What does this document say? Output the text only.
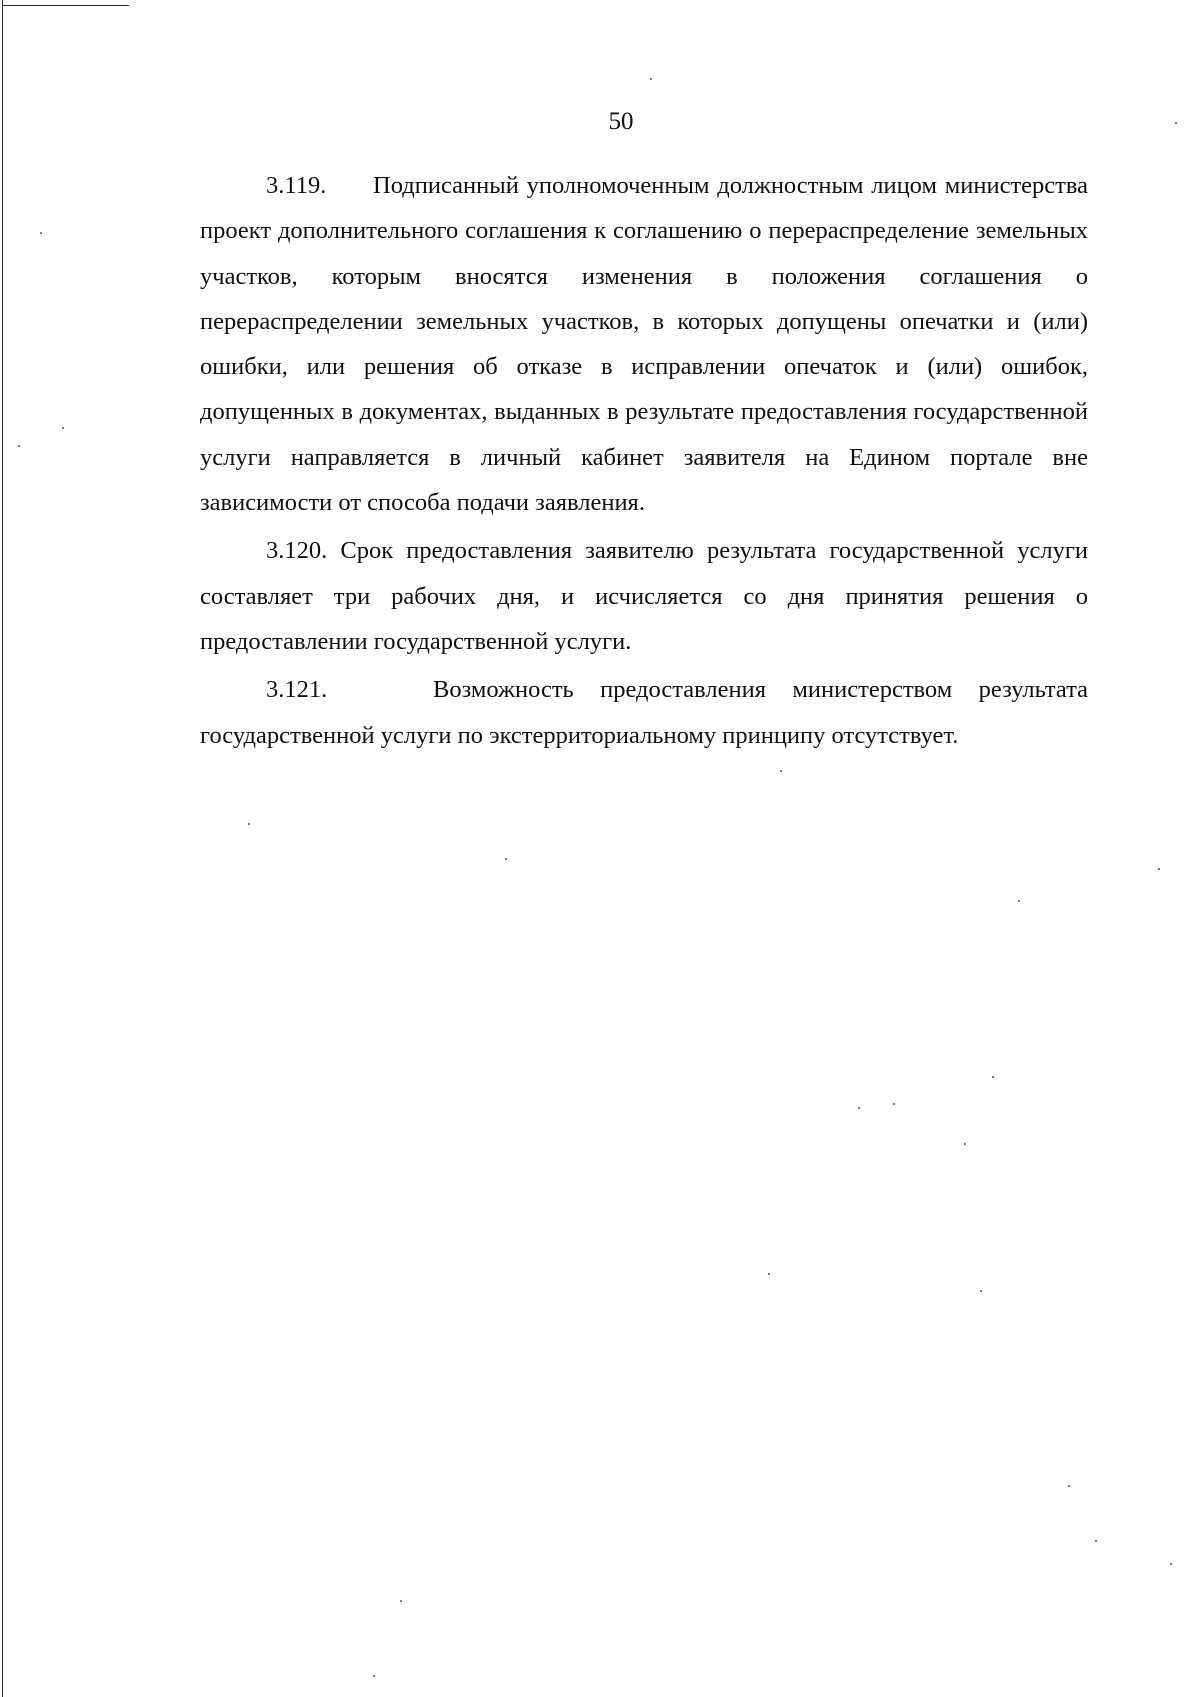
50

3.119. Подписанный уполномоченным должностным лицом министерства проект дополнительного соглашения к соглашению о перераспределение земельных участков, которым вносятся изменения в положения соглашения о перераспределении земельных участков, в которых допущены опечатки и (или) ошибки, или решения об отказе в исправлении опечаток и (или) ошибок, допущенных в документах, выданных в результате предоставления государственной услуги направляется в личный кабинет заявителя на Едином портале вне зависимости от способа подачи заявления.

3.120. Срок предоставления заявителю результата государственной услуги составляет три рабочих дня, и исчисляется со дня принятия решения о предоставлении государственной услуги.

3.121.	Возможность предоставления министерством результата государственной услуги по экстерриториальному принципу отсутствует.
